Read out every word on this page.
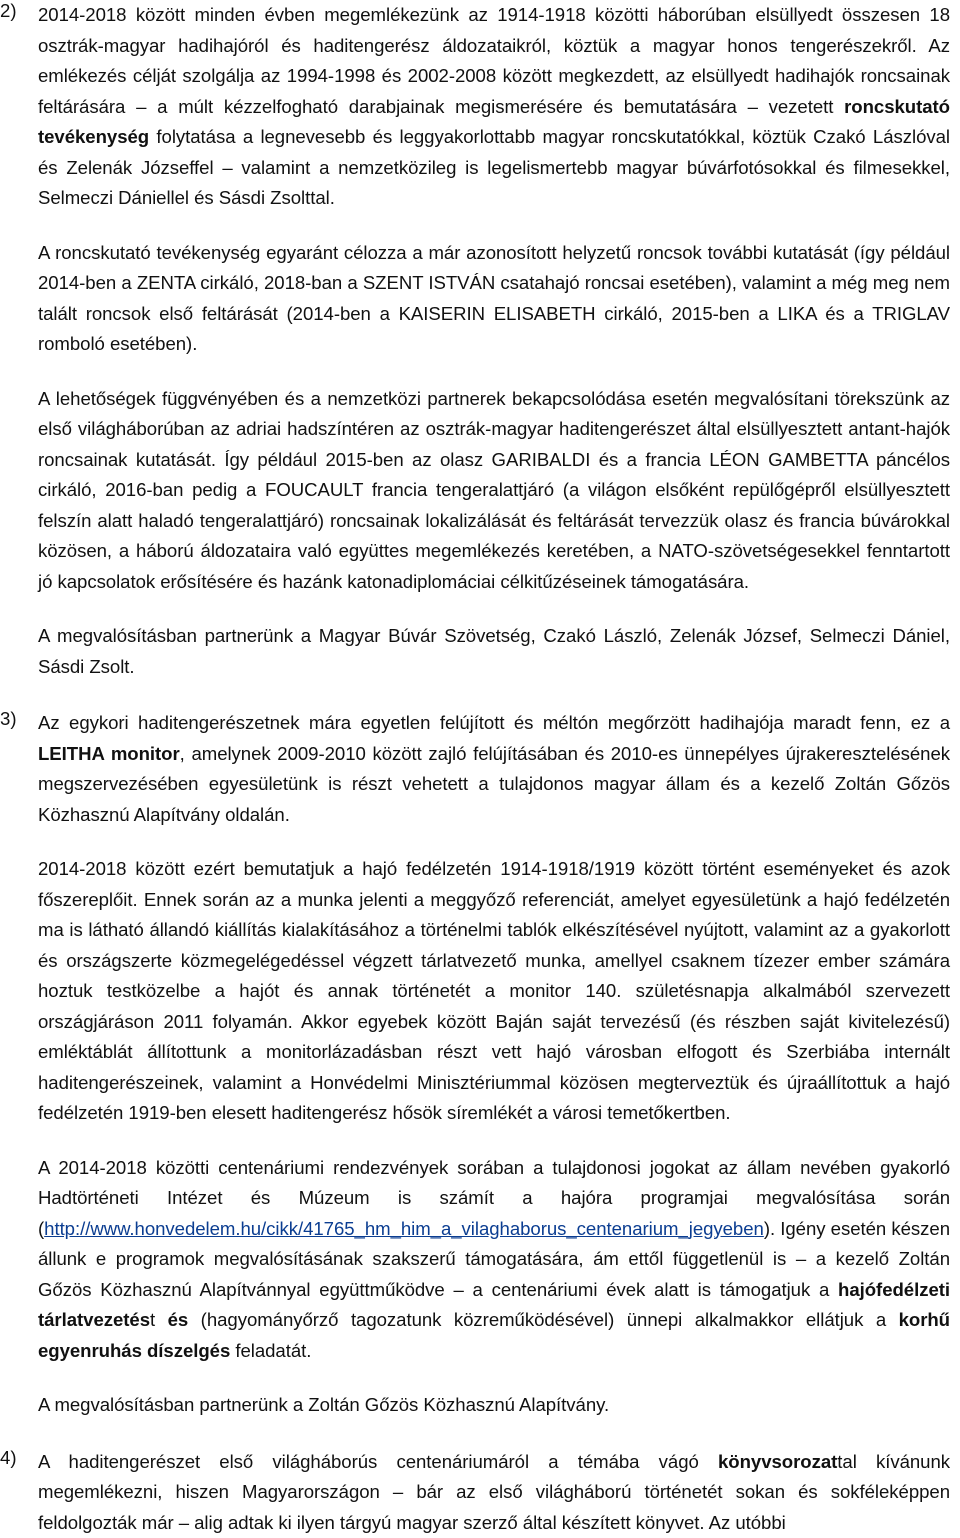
2) 2014-2018 között minden évben megemlékezünk az 1914-1918 közötti háborúban elsüllyedt összesen 18 osztrák-magyar hadihajóról és haditengerész áldozataikról, köztük a magyar honos tengerészekről. Az emlékezés célját szolgálja az 1994-1998 és 2002-2008 között megkezdett, az elsüllyedt hadihajók roncsainak feltárására – a múlt kézzelfogható darabjainak megismerésére és bemutatására – vezetett roncskutató tevékenység folytatása a legnevesebb és leggyakorlottabb magyar roncskutatókkal, köztük Czakó Lászlóval és Zelenák Józseffel – valamint a nemzetközileg is legelismertebb magyar búvárfotósokkal és filmesekkel, Selmeczi Dániellel és Sásdi Zsolttal.

A roncskutató tevékenység egyaránt célozza a már azonosított helyzetű roncsok további kutatását (így például 2014-ben a ZENTA cirkáló, 2018-ban a SZENT ISTVÁN csatahajó roncsai esetében), valamint a még meg nem talált roncsok első feltárását (2014-ben a KAISERIN ELISABETH cirkáló, 2015-ben a LIKA és a TRIGLAV romboló esetében).

A lehetőségek függvényében és a nemzetközi partnerek bekapcsolódása esetén megvalósítani törekszünk az első világháborúban az adriai hadszíntéren az osztrák-magyar haditengerészet által elsüllyesztett antant-hajók roncsainak kutatását. Így például 2015-ben az olasz GARIBALDI és a francia LÉON GAMBETTA páncélos cirkáló, 2016-ban pedig a FOUCAULT francia tengeralattjáró (a világon elsőként repülőgépről elsüllyesztett felszín alatt haladó tengeralattjáró) roncsainak lokalizálását és feltárását tervezzük olasz és francia búvárokkal közösen, a háború áldozataira való együttes megemlékezés keretében, a NATO-szövetségesekkel fenntartott jó kapcsolatok erősítésére és hazánk katonadiplomáciai célkitűzéseinek támogatására.

A megvalósításban partnerünk a Magyar Búvár Szövetség, Czakó László, Zelenák József, Selmeczi Dániel, Sásdi Zsolt.

3) Az egykori haditengerészetnek mára egyetlen felújított és méltón megőrzött hadihajója maradt fenn, ez a LEITHA monitor, amelynek 2009-2010 között zajló felújításában és 2010-es ünnepélyes újrakeresztelésének megszervezésében egyesületünk is részt vehetett a tulajdonos magyar állam és a kezelő Zoltán Gőzös Közhasznú Alapítvány oldalán.

2014-2018 között ezért bemutatjuk a hajó fedélzetén 1914-1918/1919 között történt eseményeket és azok főszereplőit. Ennek során az a munka jelenti a meggyőző referenciát, amelyet egyesületünk a hajó fedélzetén ma is látható állandó kiállítás kialakításához a történelmi tablók elkészítésével nyújtott, valamint az a gyakorlott és országszerte közmegelégedéssel végzett tárlatvezető munka, amellyel csaknem tízezer ember számára hoztuk testközelbe a hajót és annak történetét a monitor 140. születésnapja alkalmából szervezett országjáráson 2011 folyamán. Akkor egyebek között Baján saját tervezésű (és részben saját kivitelezésű) emléktáblát állítottunk a monitorlázadásban részt vett hajó városban elfogott és Szerbiába internált haditengerészeinek, valamint a Honvédelmi Minisztériummal közösen megterveztük és újraállítottuk a hajó fedélzetén 1919-ben elesett haditengerész hősök síremlékét a városi temetőkertben.

A 2014-2018 közötti centenáriumi rendezvények sorában a tulajdonosi jogokat az állam nevében gyakorló Hadtörténeti Intézet és Múzeum is számít a hajóra programjai megvalósítása során (http://www.honvedelem.hu/cikk/41765_hm_him_a_vilaghaborus_centenarium_jegyeben). Igény esetén készen állunk e programok megvalósításának szakszerű támogatására, ám ettől függetlenül is – a kezelő Zoltán Gőzös Közhasznú Alapítvánnyal együttműködve – a centenáriumi évek alatt is támogatjuk a hajófedélzeti tárlatvezetést és (hagyományőrző tagozatunk közreműködésével) ünnepi alkalmakkor ellátjuk a korhű egyenruhás díszelgés feladatát.

A megvalósításban partnerünk a Zoltán Gőzös Közhasznú Alapítvány.

4) A haditengerészet első világháborús centenáriumáról a témába vágó könyvsorozattal kívánunk megemlékezni, hiszen Magyarországon – bár az első világháború történetét sokan és sokféleképpen feldolgozták már – alig adtak ki ilyen tárgyú magyar szerző által készített könyvet. Az utóbbi
